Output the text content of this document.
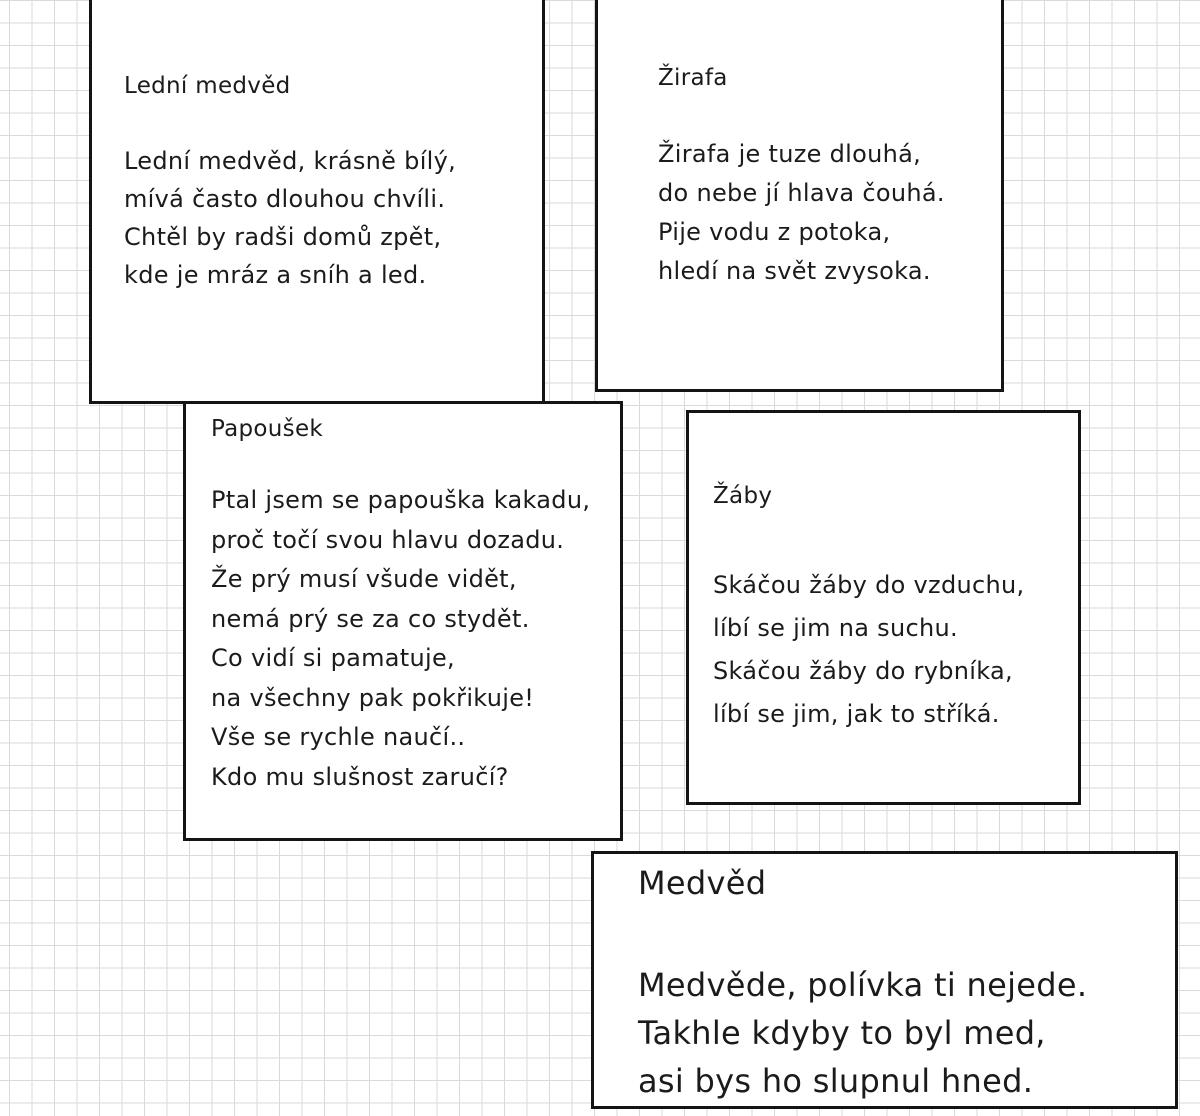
Lední medvěd
Lední medvěd, krásně bílý,
mívá často dlouhou chvíli.
Chtěl by radši domů zpět,
kde je mráz a sníh a led.
Žirafa
Žirafa je tuze dlouhá,
do nebe jí hlava čouhá.
Pije vodu z potoka,
hledí na svět zvysoka.
Papoušek
Ptal jsem se papouška kakadu,
proč točí svou hlavu dozadu.
Že prý musí všude vidět,
nemá prý se za co stydět.
Co vidí si pamatuje,
na všechny pak pokřikuje!
Vše se rychle naučí..
Kdo mu slušnost zaručí?
Žáby
Skáčou žáby do vzduchu,
líbí se jim na suchu.
Skáčou žáby do rybníka,
líbí se jim, jak to stříká.
Medvěd
Medvěde, polívka ti nejede.
Takhle kdyby to byl med,
asi bys ho slupnul hned.
